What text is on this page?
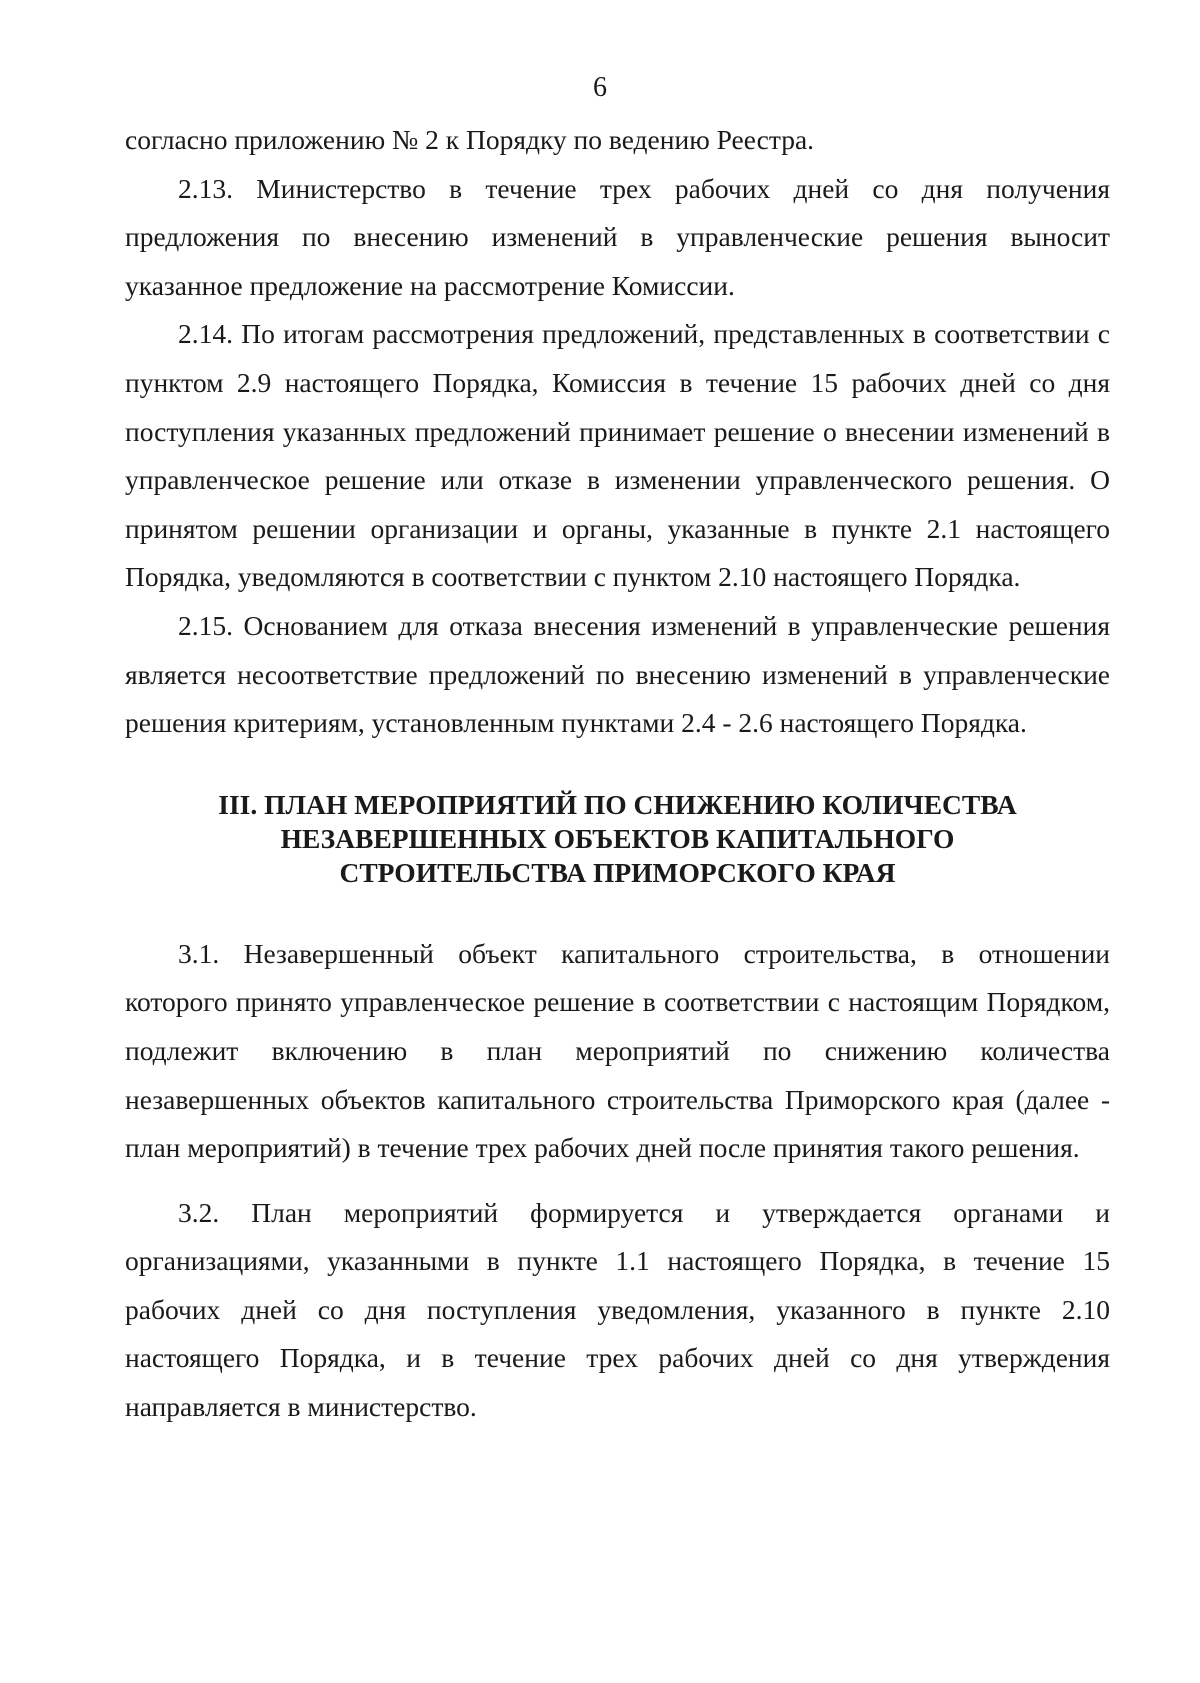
6

согласно приложению № 2 к Порядку по ведению Реестра.

2.13. Министерство в течение трех рабочих дней со дня получения предложения по внесению изменений в управленческие решения выносит указанное предложение на рассмотрение Комиссии.

2.14. По итогам рассмотрения предложений, представленных в соответствии с пунктом 2.9 настоящего Порядка, Комиссия в течение 15 рабочих дней со дня поступления указанных предложений принимает решение о внесении изменений в управленческое решение или отказе в изменении управленческого решения. О принятом решении организации и органы, указанные в пункте 2.1 настоящего Порядка, уведомляются в соответствии с пунктом 2.10 настоящего Порядка.

2.15. Основанием для отказа внесения изменений в управленческие решения является несоответствие предложений по внесению изменений в управленческие решения критериям, установленным пунктами 2.4 - 2.6 настоящего Порядка.

III. ПЛАН МЕРОПРИЯТИЙ ПО СНИЖЕНИЮ КОЛИЧЕСТВА
НЕЗАВЕРШЕННЫХ ОБЪЕКТОВ КАПИТАЛЬНОГО
СТРОИТЕЛЬСТВА ПРИМОРСКОГО КРАЯ

3.1. Незавершенный объект капитального строительства, в отношении которого принято управленческое решение в соответствии с настоящим Порядком, подлежит включению в план мероприятий по снижению количества незавершенных объектов капитального строительства Приморского края (далее - план мероприятий) в течение трех рабочих дней после принятия такого решения.

3.2. План мероприятий формируется и утверждается органами и организациями, указанными в пункте 1.1 настоящего Порядка, в течение 15 рабочих дней со дня поступления уведомления, указанного в пункте 2.10 настоящего Порядка, и в течение трех рабочих дней со дня утверждения направляется в министерство.
